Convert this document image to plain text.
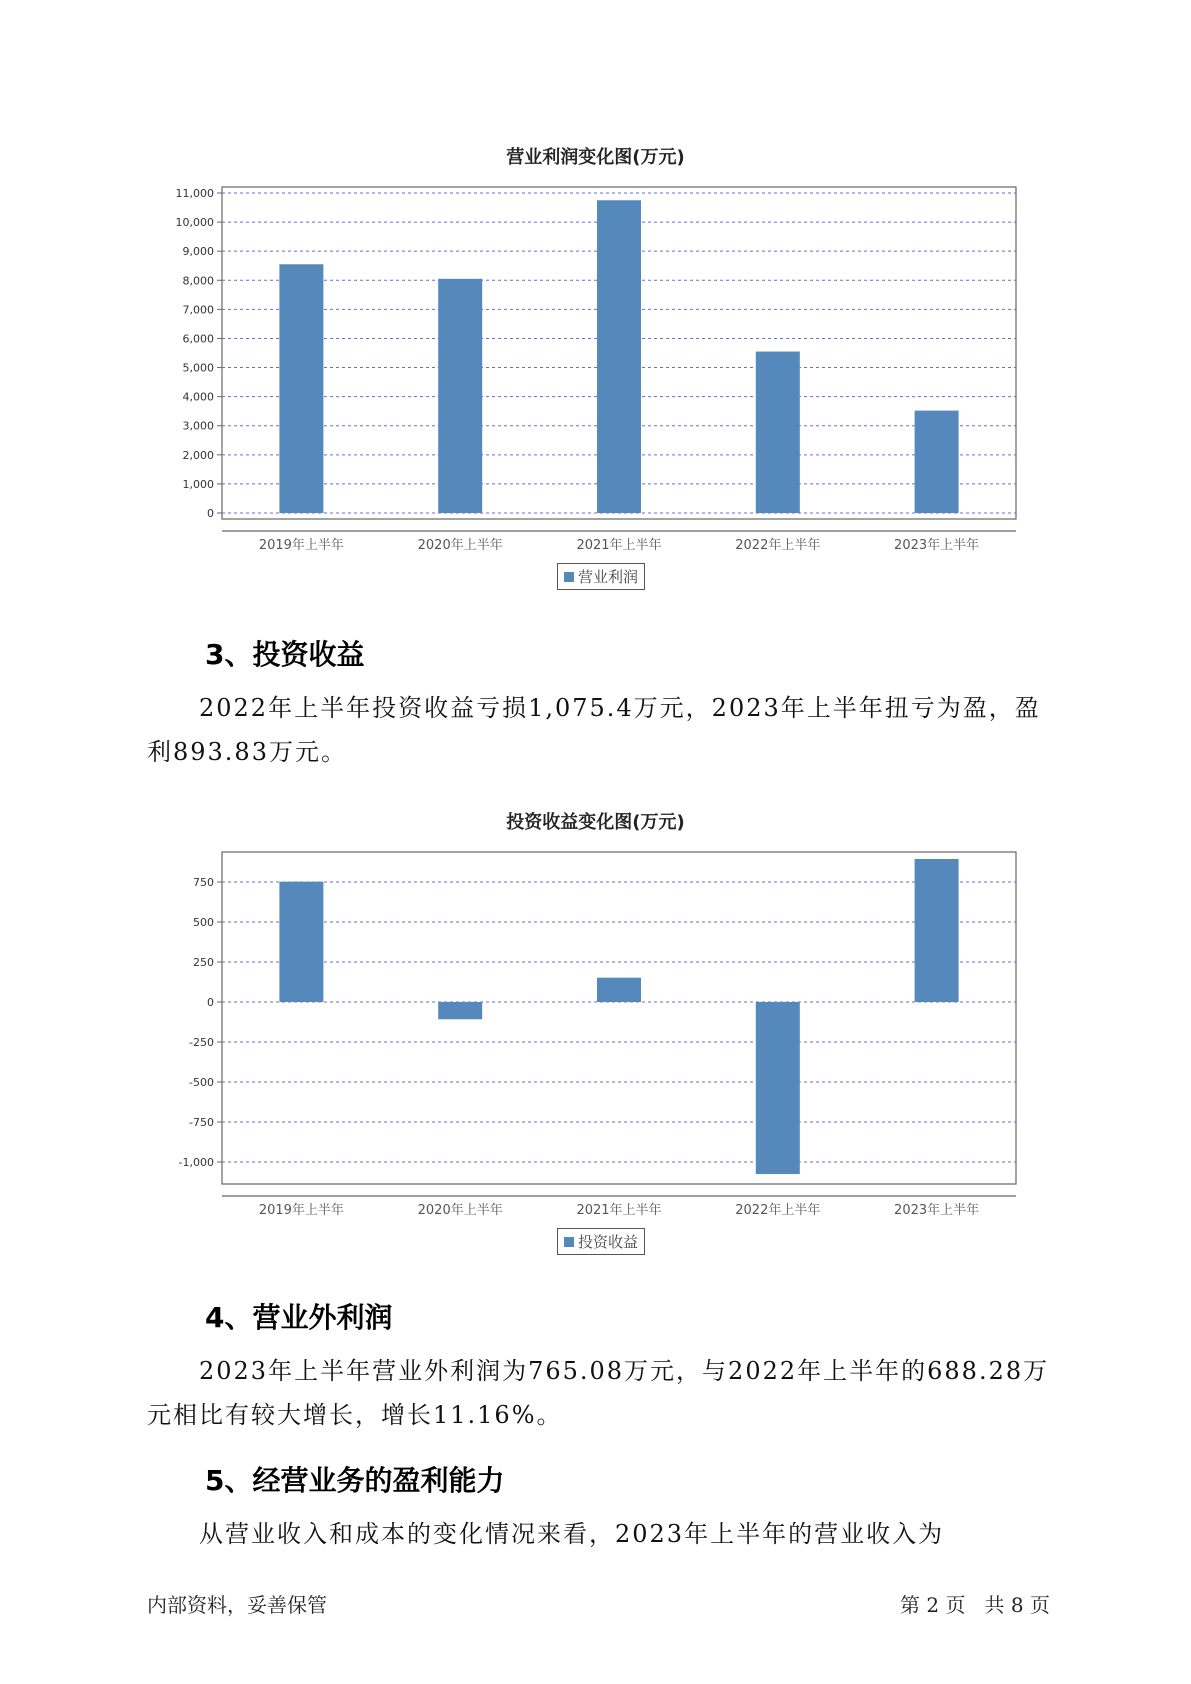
营业利润变化图(万元)
0
1,000
2,000
3,000
4,000
5,000
6,000
7,000
8,000
9,000
10,000
11,000
2019年上半年	2020年上半年	2021年上半年	2022年上半年	2023年上半年
营业利润
3、投资收益

2022年上半年投资收益亏损1,075.4万元，2023年上半年扭亏为盈，盈利893.83万元。

投资收益变化图(万元)
-1,000
-750
-500
-250
0
250
500
750
2019年上半年	2020年上半年	2021年上半年	2022年上半年	2023年上半年
投资收益
4、营业外利润

2023年上半年营业外利润为765.08万元，与2022年上半年的688.28万元相比有较大增长，增长11.16%。

5、经营业务的盈利能力

从营业收入和成本的变化情况来看，2023年上半年的营业收入为

内部资料，妥善保管	第 2 页   共 8 页
